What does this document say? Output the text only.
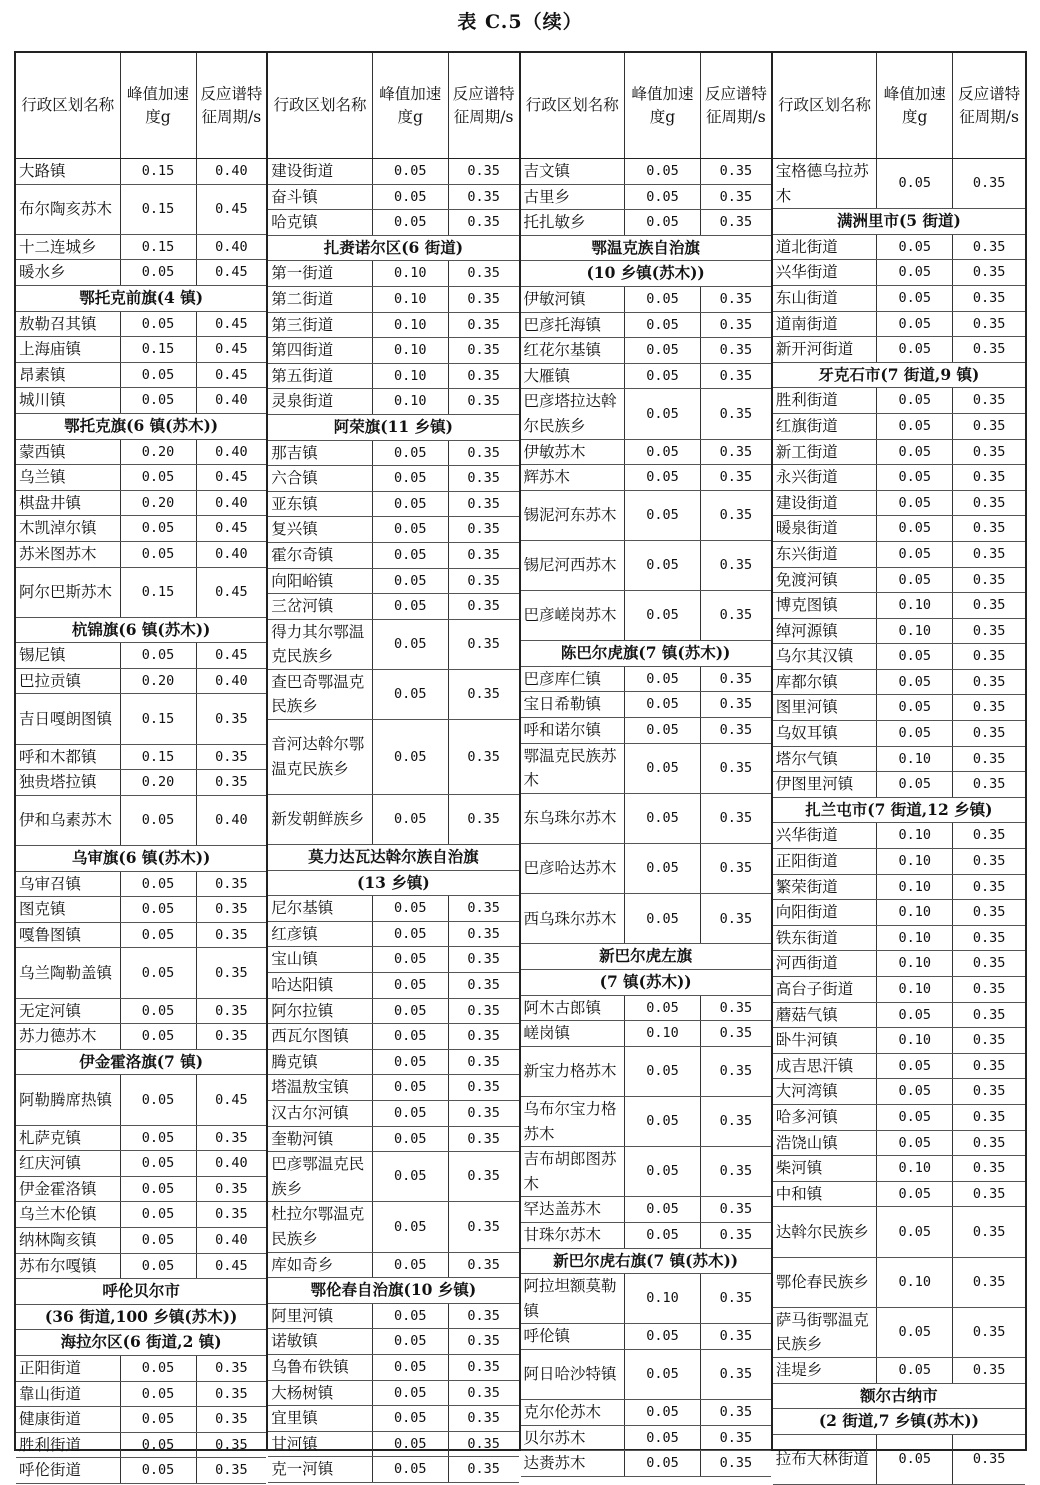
表 C.5（续）
行政区划名称	峰值加速度g	反应谱特征周期/s
大路镇	0.15	0.40
布尔陶亥苏木	0.15	0.45
十二连城乡	0.15	0.40
暖水乡	0.05	0.45
鄂托克前旗(4 镇)		
敖勒召其镇	0.05	0.45
上海庙镇	0.15	0.45
昂素镇	0.05	0.45
城川镇	0.05	0.40
鄂托克旗(6 镇(苏木))		
蒙西镇	0.20	0.40
乌兰镇	0.05	0.45
棋盘井镇	0.20	0.40
木凯淖尔镇	0.05	0.45
苏米图苏木	0.05	0.40
阿尔巴斯苏木	0.15	0.45
杭锦旗(6 镇(苏木))		
锡尼镇	0.05	0.45
巴拉贡镇	0.20	0.40
吉日嘎朗图镇	0.15	0.35
呼和木都镇	0.15	0.35
独贵塔拉镇	0.20	0.35
伊和乌素苏木	0.05	0.40
乌审旗(6 镇(苏木))		
乌审召镇	0.05	0.35
图克镇	0.05	0.35
嘎鲁图镇	0.05	0.35
乌兰陶勒盖镇	0.05	0.35
无定河镇	0.05	0.35
苏力德苏木	0.05	0.35
伊金霍洛旗(7 镇)		
阿勒腾席热镇	0.05	0.45
札萨克镇	0.05	0.35
红庆河镇	0.05	0.40
伊金霍洛镇	0.05	0.35
乌兰木伦镇	0.05	0.35
纳林陶亥镇	0.05	0.40
苏布尔嘎镇	0.05	0.45
呼伦贝尔市		
(36 街道,100 乡镇(苏木))		
海拉尔区(6 街道,2 镇)		
正阳街道	0.05	0.35
靠山街道	0.05	0.35
健康街道	0.05	0.35
胜利街道	0.05	0.35
呼伦街道	0.05	0.35
行政区划名称	峰值加速度g	反应谱特征周期/s
建设街道	0.05	0.35
奋斗镇	0.05	0.35
哈克镇	0.05	0.35
扎赉诺尔区(6 街道)		
第一街道	0.10	0.35
第二街道	0.10	0.35
第三街道	0.10	0.35
第四街道	0.10	0.35
第五街道	0.10	0.35
灵泉街道	0.10	0.35
阿荣旗(11 乡镇)		
那吉镇	0.05	0.35
六合镇	0.05	0.35
亚东镇	0.05	0.35
复兴镇	0.05	0.35
霍尔奇镇	0.05	0.35
向阳峪镇	0.05	0.35
三岔河镇	0.05	0.35
得力其尔鄂温克民族乡	0.05	0.35
查巴奇鄂温克民族乡	0.05	0.35
音河达斡尔鄂温克民族乡	0.05	0.35
新发朝鲜族乡	0.05	0.35
莫力达瓦达斡尔族自治旗		
(13 乡镇)		
尼尔基镇	0.05	0.35
红彦镇	0.05	0.35
宝山镇	0.05	0.35
哈达阳镇	0.05	0.35
阿尔拉镇	0.05	0.35
西瓦尔图镇	0.05	0.35
腾克镇	0.05	0.35
塔温敖宝镇	0.05	0.35
汉古尔河镇	0.05	0.35
奎勒河镇	0.05	0.35
巴彦鄂温克民族乡	0.05	0.35
杜拉尔鄂温克民族乡	0.05	0.35
库如奇乡	0.05	0.35
鄂伦春自治旗(10 乡镇)		
阿里河镇	0.05	0.35
诺敏镇	0.05	0.35
乌鲁布铁镇	0.05	0.35
大杨树镇	0.05	0.35
宜里镇	0.05	0.35
甘河镇	0.05	0.35
克一河镇	0.05	0.35
行政区划名称	峰值加速度g	反应谱特征周期/s
吉文镇	0.05	0.35
古里乡	0.05	0.35
托扎敏乡	0.05	0.35
鄂温克族自治旗		
(10 乡镇(苏木))		
伊敏河镇	0.05	0.35
巴彦托海镇	0.05	0.35
红花尔基镇	0.05	0.35
大雁镇	0.05	0.35
巴彦塔拉达斡尔民族乡	0.05	0.35
伊敏苏木	0.05	0.35
辉苏木	0.05	0.35
锡泥河东苏木	0.05	0.35
锡尼河西苏木	0.05	0.35
巴彦嵯岗苏木	0.05	0.35
陈巴尔虎旗(7 镇(苏木))		
巴彦库仁镇	0.05	0.35
宝日希勒镇	0.05	0.35
呼和诺尔镇	0.05	0.35
鄂温克民族苏木	0.05	0.35
东乌珠尔苏木	0.05	0.35
巴彦哈达苏木	0.05	0.35
西乌珠尔苏木	0.05	0.35
新巴尔虎左旗		
(7 镇(苏木))		
阿木古郎镇	0.05	0.35
嵯岗镇	0.10	0.35
新宝力格苏木	0.05	0.35
乌布尔宝力格苏木	0.05	0.35
吉布胡郎图苏木	0.05	0.35
罕达盖苏木	0.05	0.35
甘珠尔苏木	0.05	0.35
新巴尔虎右旗(7 镇(苏木))		
阿拉坦额莫勒镇	0.10	0.35
呼伦镇	0.05	0.35
阿日哈沙特镇	0.05	0.35
克尔伦苏木	0.05	0.35
贝尔苏木	0.05	0.35
达赉苏木	0.05	0.35
行政区划名称	峰值加速度g	反应谱特征周期/s
宝格德乌拉苏木	0.05	0.35
满洲里市(5 街道)		
道北街道	0.05	0.35
兴华街道	0.05	0.35
东山街道	0.05	0.35
道南街道	0.05	0.35
新开河街道	0.05	0.35
牙克石市(7 街道,9 镇)		
胜利街道	0.05	0.35
红旗街道	0.05	0.35
新工街道	0.05	0.35
永兴街道	0.05	0.35
建设街道	0.05	0.35
暖泉街道	0.05	0.35
东兴街道	0.05	0.35
免渡河镇	0.05	0.35
博克图镇	0.10	0.35
绰河源镇	0.10	0.35
乌尔其汉镇	0.05	0.35
库都尔镇	0.05	0.35
图里河镇	0.05	0.35
乌奴耳镇	0.05	0.35
塔尔气镇	0.10	0.35
伊图里河镇	0.05	0.35
扎兰屯市(7 街道,12 乡镇)		
兴华街道	0.10	0.35
正阳街道	0.10	0.35
繁荣街道	0.10	0.35
向阳街道	0.10	0.35
铁东街道	0.10	0.35
河西街道	0.10	0.35
高台子街道	0.10	0.35
蘑菇气镇	0.05	0.35
卧牛河镇	0.10	0.35
成吉思汗镇	0.05	0.35
大河湾镇	0.05	0.35
哈多河镇	0.05	0.35
浩饶山镇	0.05	0.35
柴河镇	0.10	0.35
中和镇	0.05	0.35
达斡尔民族乡	0.05	0.35
鄂伦春民族乡	0.10	0.35
萨马街鄂温克民族乡	0.05	0.35
洼堤乡	0.05	0.35
额尔古纳市		
(2 街道,7 乡镇(苏木))		
拉布大林街道	0.05	0.35
